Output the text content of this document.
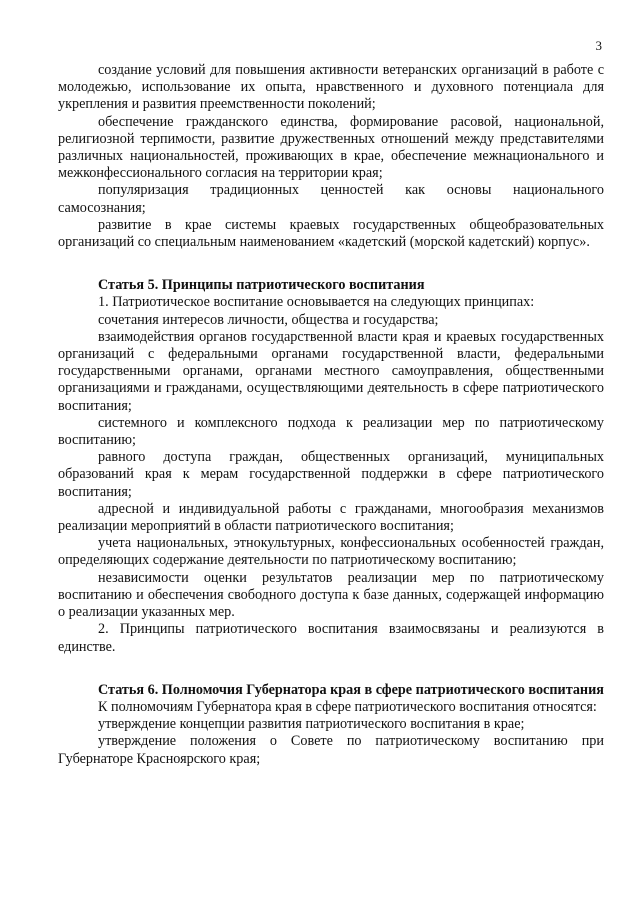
3

создание условий для повышения активности ветеранских организаций в работе с молодежью, использование их опыта, нравственного и духовного потенциала для укрепления и развития преемственности поколений;

обеспечение гражданского единства, формирование расовой, национальной, религиозной терпимости, развитие дружественных отношений между представителями различных национальностей, проживающих в крае, обеспечение межнационального и межконфессионального согласия на территории края;

популяризация традиционных ценностей как основы национального самосознания;

развитие в крае системы краевых государственных общеобразовательных организаций со специальным наименованием «кадетский (морской кадетский) корпус».

Статья 5. Принципы патриотического воспитания

1. Патриотическое воспитание основывается на следующих принципах:

сочетания интересов личности, общества и государства;

взаимодействия органов государственной власти края и краевых государственных организаций с федеральными органами государственной власти, федеральными государственными органами, органами местного самоуправления, общественными организациями и гражданами, осуществляющими деятельность в сфере патриотического воспитания;

системного и комплексного подхода к реализации мер по патриотическому воспитанию;

равного доступа граждан, общественных организаций, муниципальных образований края к мерам государственной поддержки в сфере патриотического воспитания;

адресной и индивидуальной работы с гражданами, многообразия механизмов реализации мероприятий в области патриотического воспитания;

учета национальных, этнокультурных, конфессиональных особенностей граждан, определяющих содержание деятельности по патриотическому воспитанию;

независимости оценки результатов реализации мер по патриотическому воспитанию и обеспечения свободного доступа к базе данных, содержащей информацию о реализации указанных мер.

2. Принципы патриотического воспитания взаимосвязаны и реализуются в единстве.

Статья 6. Полномочия Губернатора края в сфере патриотического воспитания

К полномочиям Губернатора края в сфере патриотического воспитания относятся:

утверждение концепции развития патриотического воспитания в крае;

утверждение положения о Совете по патриотическому воспитанию при Губернаторе Красноярского края;
